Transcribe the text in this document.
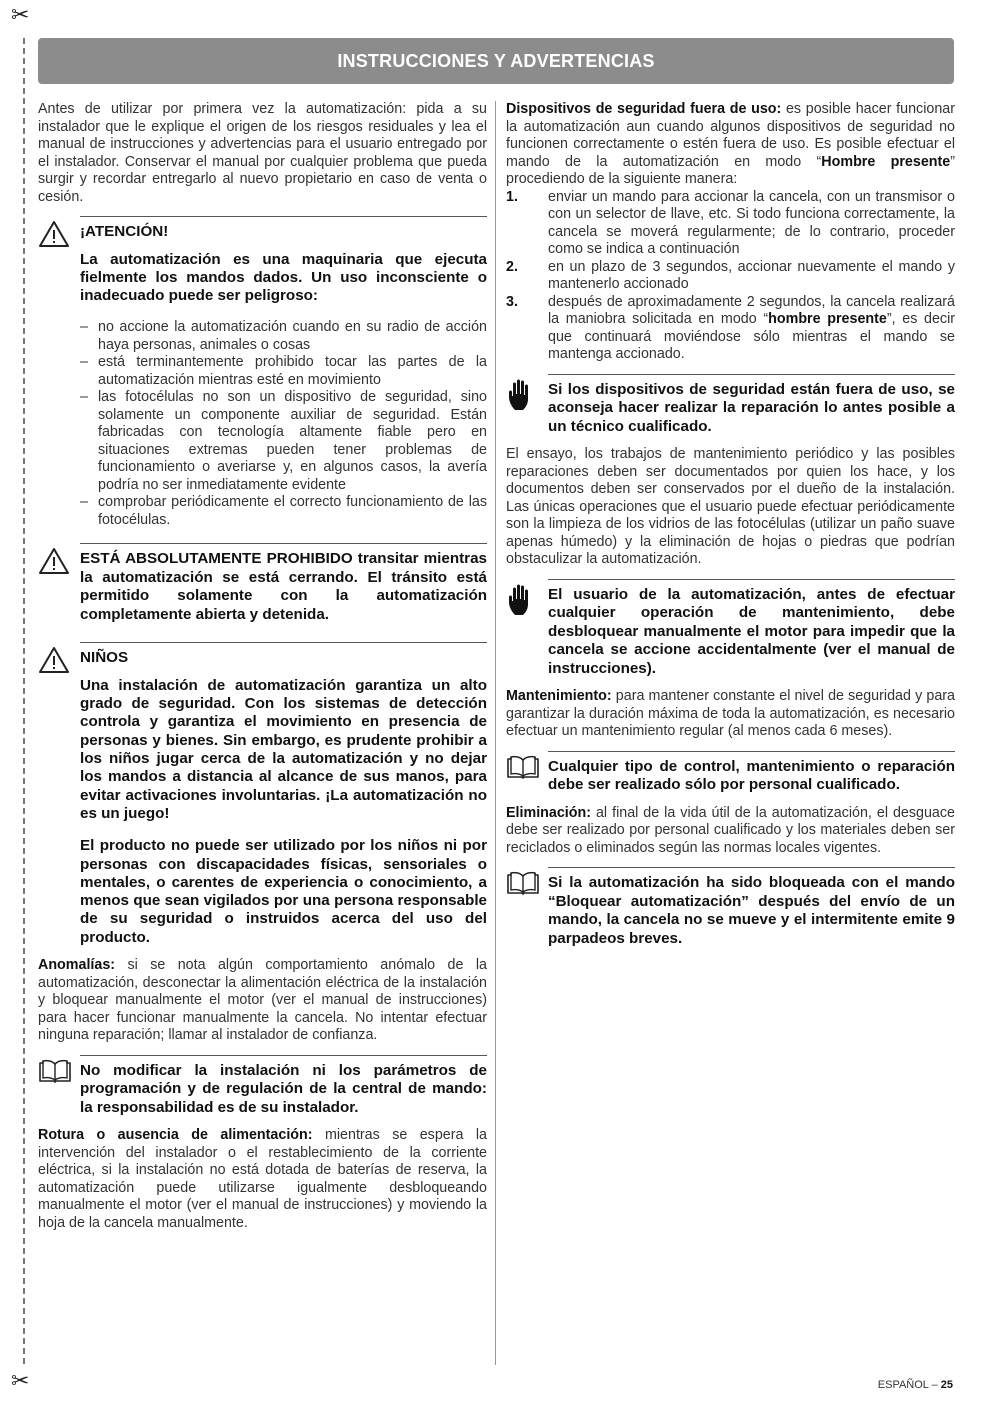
✂
✂
INSTRUCCIONES Y ADVERTENCIAS

Antes de utilizar por primera vez la automatización: pida a su instalador que le explique el origen de los riesgos residuales y lea el manual de instrucciones y advertencias para el usuario entregado por el instalador. Conservar el manual por cualquier problema que pueda surgir y recordar entregarlo al nuevo propietario en caso de venta o cesión.

¡ATENCIÓN!
La automatización es una maquinaria que ejecuta fielmente los mandos dados. Un uso inconsciente o inadecuado puede ser peligroso:
– no accione la automatización cuando en su radio de acción haya personas, animales o cosas
– está terminantemente prohibido tocar las partes de la automatización mientras esté en movimiento
– las fotocélulas no son un dispositivo de seguridad, sino solamente un componente auxiliar de seguridad. Están fabricadas con tecnología altamente fiable pero en situaciones extremas pueden tener problemas de funcionamiento o averiarse y, en algunos casos, la avería podría no ser inmediatamente evidente
– comprobar periódicamente el correcto funcionamiento de las fotocélulas.
ESTÁ ABSOLUTAMENTE PROHIBIDO transitar mientras la automatización se está cerrando. El tránsito está permitido solamente con la automatización completamente abierta y detenida.
NIÑOS
Una instalación de automatización garantiza un alto grado de seguridad. Con los sistemas de detección controla y garantiza el movimiento en presencia de personas y bienes. Sin embargo, es prudente prohibir a los niños jugar cerca de la automatización y no dejar los mandos a distancia al alcance de sus manos, para evitar activaciones involuntarias. ¡La automatización no es un juego!
El producto no puede ser utilizado por los niños ni por personas con discapacidades físicas, sensoriales o mentales, o carentes de experiencia o conocimiento, a menos que sean vigilados por una persona responsable de su seguridad o instruidos acerca del uso del producto.

Anomalías: si se nota algún comportamiento anómalo de la automatización, desconectar la alimentación eléctrica de la instalación y bloquear manualmente el motor (ver el manual de instrucciones) para hacer funcionar manualmente la cancela. No intentar efectuar ninguna reparación; llamar al instalador de confianza.

No modificar la instalación ni los parámetros de programación y de regulación de la central de mando: la responsabilidad es de su instalador.

Rotura o ausencia de alimentación: mientras se espera la intervención del instalador o el restablecimiento de la corriente eléctrica, si la instalación no está dotada de baterías de reserva, la automatización puede utilizarse igualmente desbloqueando manualmente el motor (ver el manual de instrucciones) y moviendo la hoja de la cancela manualmente.

Dispositivos de seguridad fuera de uso: es posible hacer funcionar la automatización aun cuando algunos dispositivos de seguridad no funcionen correctamente o estén fuera de uso. Es posible efectuar el mando de la automatización en modo “Hombre presente” procediendo de la siguiente manera:

1.	enviar un mando para accionar la cancela, con un transmisor o con un selector de llave, etc. Si todo funciona correctamente, la cancela se moverá regularmente; de lo contrario, proceder como se indica a continuación
2.	en un plazo de 3 segundos, accionar nuevamente el mando y mantenerlo accionado
3.	después de aproximadamente 2 segundos, la cancela realizará la maniobra solicitada en modo “hombre presente”, es decir que continuará moviéndose sólo mientras el mando se mantenga accionado.
Si los dispositivos de seguridad están fuera de uso, se aconseja hacer realizar la reparación lo antes posible a un técnico cualificado.

El ensayo, los trabajos de mantenimiento periódico y las posibles reparaciones deben ser documentados por quien los hace, y los documentos deben ser conservados por el dueño de la instalación. Las únicas operaciones que el usuario puede efectuar periódicamente son la limpieza de los vidrios de las fotocélulas (utilizar un paño suave apenas húmedo) y la eliminación de hojas o piedras que podrían obstaculizar la automatización.

El usuario de la automatización, antes de efectuar cualquier operación de mantenimiento, debe desbloquear manualmente el motor para impedir que la cancela se accione accidentalmente (ver el manual de instrucciones).

Mantenimiento: para mantener constante el nivel de seguridad y para garantizar la duración máxima de toda la automatización, es necesario efectuar un mantenimiento regular (al menos cada 6 meses).

Cualquier tipo de control, mantenimiento o reparación debe ser realizado sólo por personal cualificado.

Eliminación: al final de la vida útil de la automatización, el desguace debe ser realizado por personal cualificado y los materiales deben ser reciclados o eliminados según las normas locales vigentes.

Si la automatización ha sido bloqueada con el mando “Bloquear automatización” después del envío de un mando, la cancela no se mueve y el intermitente emite 9 parpadeos breves.
ESPAÑOL – 25
